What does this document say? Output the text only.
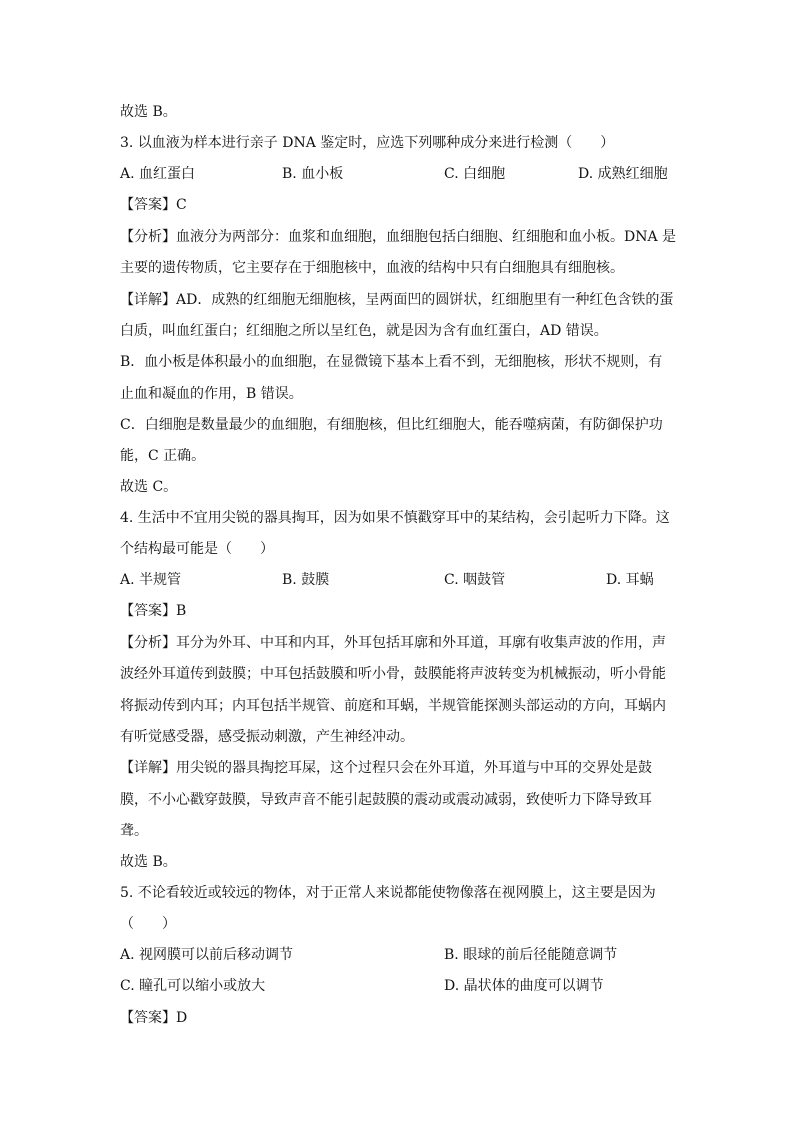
故选 B。
3. 以血液为样本进行亲子 DNA 鉴定时，应选下列哪种成分来进行检测（　　）
A. 血红蛋白	B. 血小板	C. 白细胞	D. 成熟红细胞
【答案】C
【分析】血液分为两部分：血浆和血细胞，血细胞包括白细胞、红细胞和血小板。DNA 是
主要的遗传物质，它主要存在于细胞核中，血液的结构中只有白细胞具有细胞核。
【详解】AD．成熟的红细胞无细胞核，呈两面凹的圆饼状，红细胞里有一种红色含铁的蛋
白质，叫血红蛋白；红细胞之所以呈红色，就是因为含有血红蛋白，AD 错误。
B．血小板是体积最小的血细胞，在显微镜下基本上看不到，无细胞核，形状不规则，有
止血和凝血的作用，B 错误。
C．白细胞是数量最少的血细胞，有细胞核，但比红细胞大，能吞噬病菌，有防御保护功
能，C 正确。
故选 C。
4. 生活中不宜用尖锐的器具掏耳，因为如果不慎戳穿耳中的某结构，会引起听力下降。这
个结构最可能是（　　）
A. 半规管	B. 鼓膜	C. 咽鼓管	D. 耳蜗
【答案】B
【分析】耳分为外耳、中耳和内耳，外耳包括耳廓和外耳道，耳廓有收集声波的作用，声
波经外耳道传到鼓膜；中耳包括鼓膜和听小骨，鼓膜能将声波转变为机械振动，听小骨能
将振动传到内耳；内耳包括半规管、前庭和耳蜗，半规管能探测头部运动的方向，耳蜗内
有听觉感受器，感受振动刺激，产生神经冲动。
【详解】用尖锐的器具掏挖耳屎，这个过程只会在外耳道，外耳道与中耳的交界处是鼓
膜，不小心戳穿鼓膜，导致声音不能引起鼓膜的震动或震动减弱，致使听力下降导致耳
聋。
故选 B。
5. 不论看较近或较远的物体，对于正常人来说都能使物像落在视网膜上，这主要是因为
（　　）
A. 视网膜可以前后移动调节	B. 眼球的前后径能随意调节
C. 瞳孔可以缩小或放大	D. 晶状体的曲度可以调节
【答案】D
